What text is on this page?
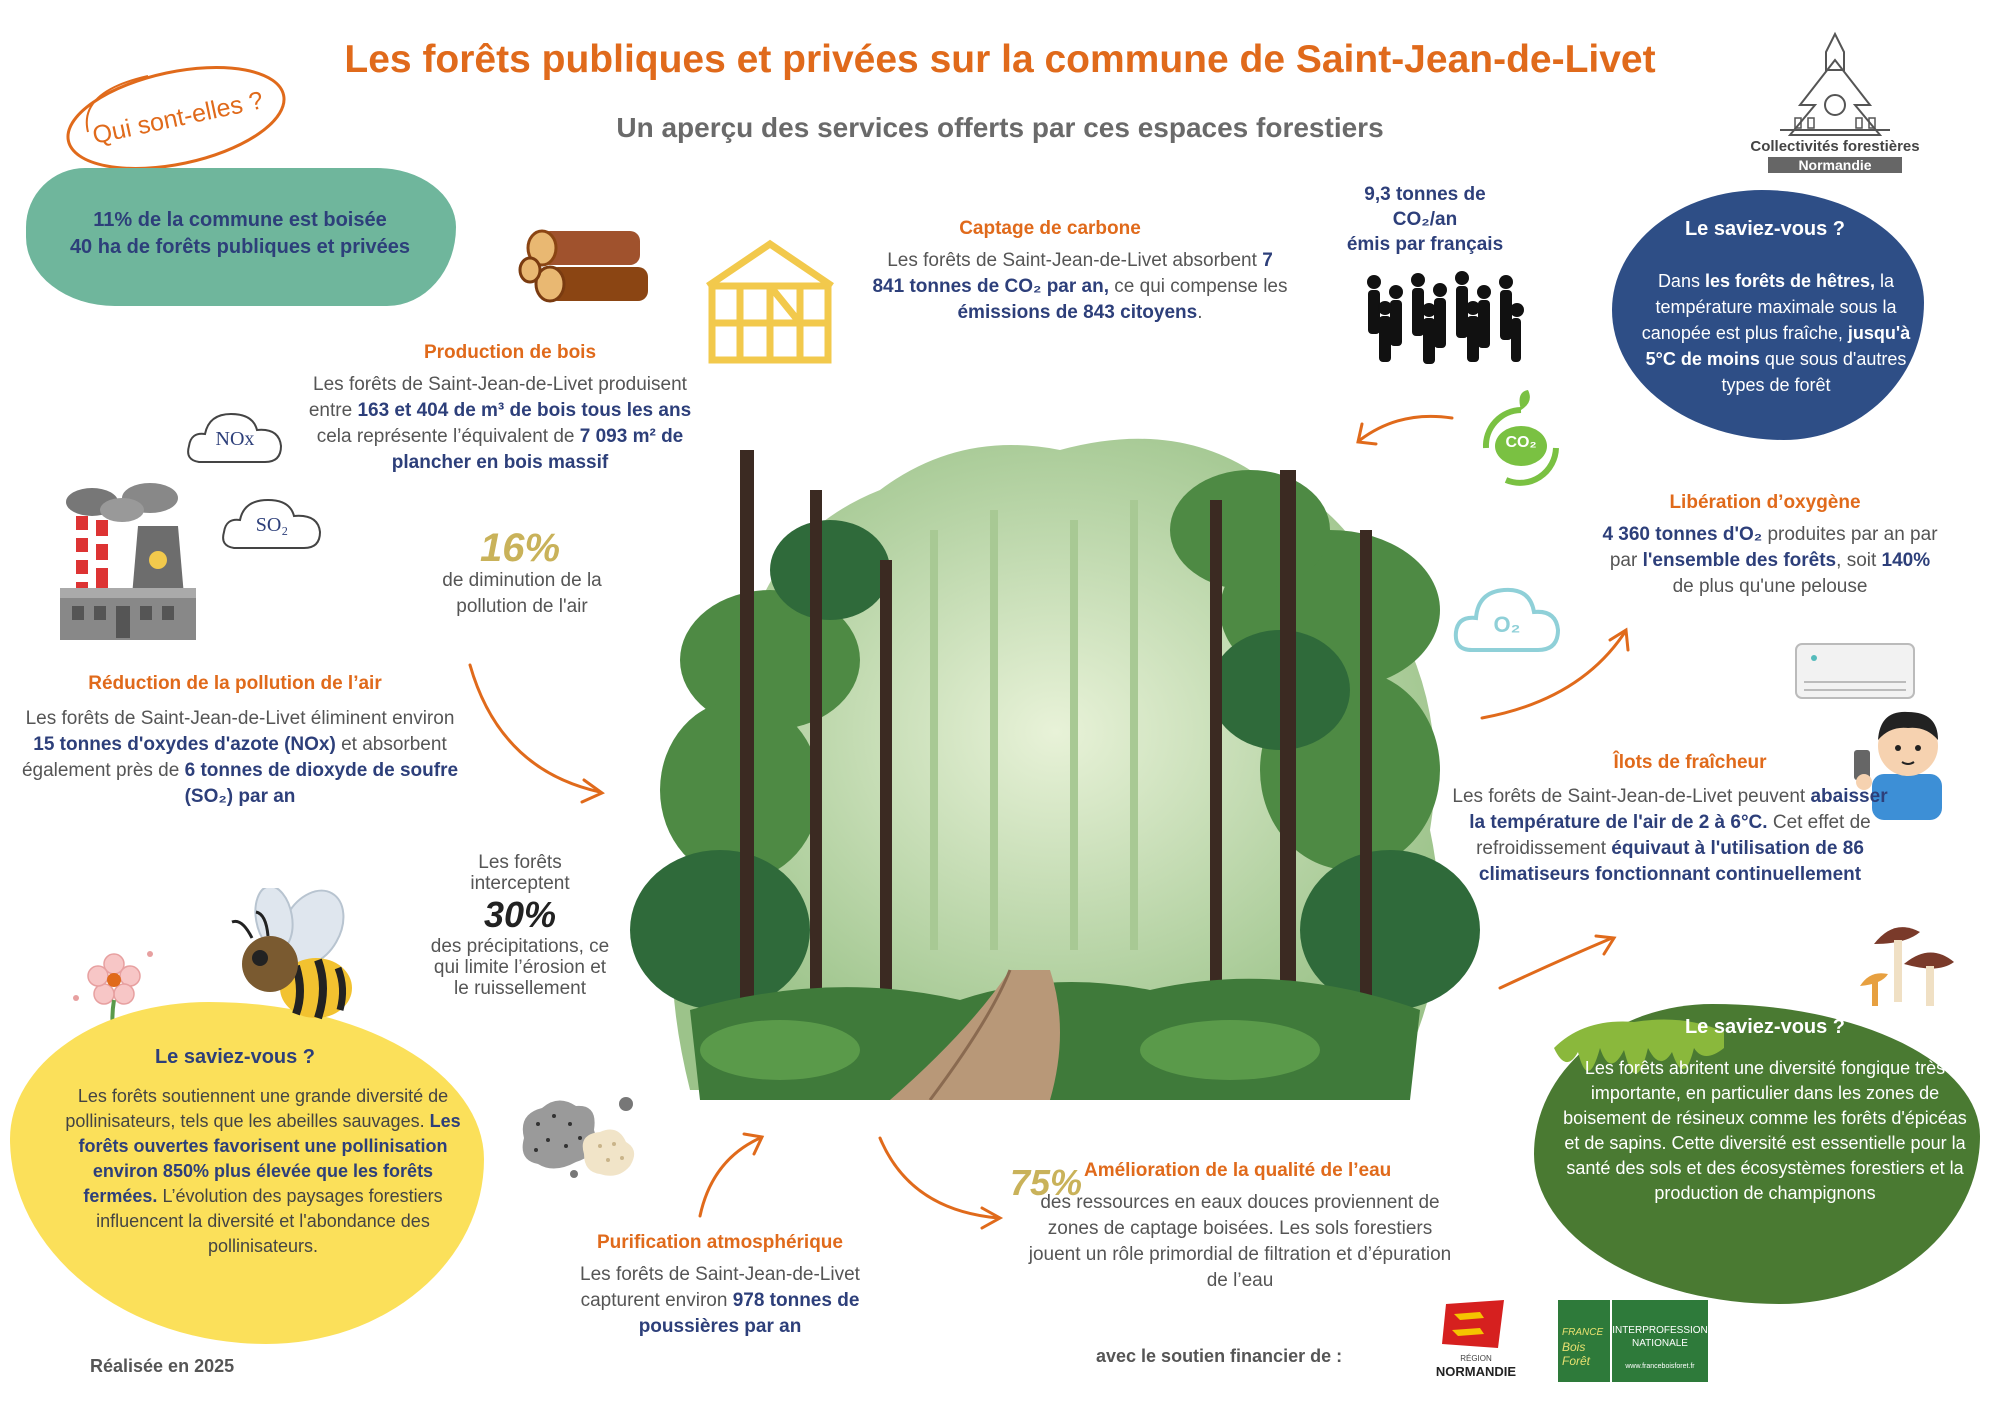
Les forêts publiques et privées sur la commune de Saint-Jean-de-Livet
Un aperçu des services offerts par ces espaces forestiers
Qui sont-elles ?	Collectivités forestières
Normandie
11% de la commune est boisée
40 ha de forêts publiques et privées
Production de bois
Les forêts de Saint-Jean-de-Livet produisent entre 163 et 404 de m³ de bois tous les ans cela représente l’équivalent de 7 093 m² de plancher en bois massif
Captage de carbone
Les forêts de Saint-Jean-de-Livet absorbent 7 841 tonnes de CO₂ par an, ce qui compense les émissions de 843 citoyens.
9,3 tonnes de
CO₂/an
émis par français
CO₂
Le saviez-vous ?
Dans les forêts de hêtres, la température maximale sous la canopée est plus fraîche, jusqu'à 5°C de moins que sous d'autres types de forêt
Libération d’oxygène
4 360 tonnes d'O₂ produites par an par par l'ensemble des forêts, soit 140% de plus qu'une pelouse
O₂
NOx
SO₂
16%
de diminution de la pollution de l'air
Réduction de la pollution de l’air
Les forêts de Saint-Jean-de-Livet éliminent environ 15 tonnes d'oxydes d'azote (NOx) et absorbent également près de 6 tonnes de dioxyde de soufre (SO₂) par an
Îlots de fraîcheur
Les forêts de Saint-Jean-de-Livet peuvent abaisser la température de l'air de 2 à 6°C. Cet effet de refroidissement équivaut à l'utilisation de 86 climatiseurs fonctionnant continuellement
Les forêts
interceptent
30%
des précipitations, ce qui limite l’érosion et le ruissellement
Le saviez-vous ?
Les forêts soutiennent une grande diversité de pollinisateurs, tels que les abeilles sauvages. Les forêts ouvertes favorisent une pollinisation environ 850% plus élevée que les forêts fermées. L’évolution des paysages forestiers influencent la diversité et l'abondance des pollinisateurs.	Purification atmosphérique
Les forêts de Saint-Jean-de-Livet capturent environ 978 tonnes de poussières par an
75% Amélioration de la qualité de l’eau
des ressources en eaux douces proviennent de zones de captage boisées. Les sols forestiers jouent un rôle primordial de filtration et d’épuration de l’eau
Le saviez-vous ?
Les forêts abritent une diversité fongique très importante, en particulier dans les zones de boisement de résineux comme les forêts d'épicéas et de sapins. Cette diversité est essentielle pour la santé des sols et des écosystèmes forestiers et la production de champignons
Réalisée en 2025	avec le soutien financier de :	RÉGION
NORMANDIE
FRANCE
Bois
Forêt
INTERPROFESSION
NATIONALE
www.franceboisforet.fr
